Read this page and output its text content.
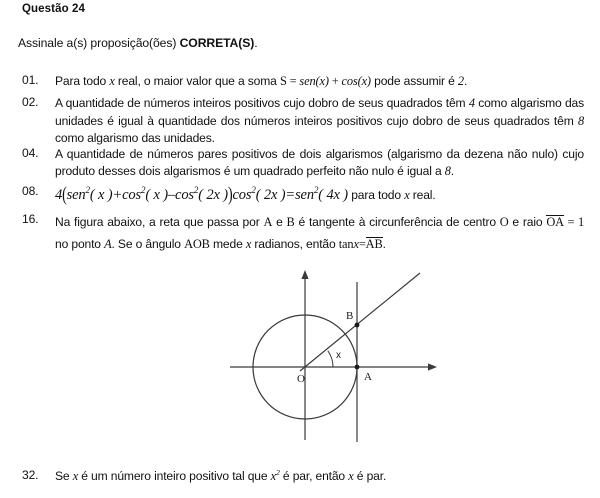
Questão 24
Assinale a(s) proposição(ões) CORRETA(S).
01.	Para todo x real, o maior valor que a soma S = sen(x) + cos(x) pode assumir é 2.
02.	A quantidade de números inteiros positivos cujo dobro de seus quadrados têm 4 como algarismo das unidades é igual à quantidade dos números inteiros positivos cujo dobro de seus quadrados têm 8 como algarismo das unidades.
04.	A quantidade de números pares positivos de dois algarismos (algarismo da dezena não nulo) cujo produto desses dois algarismos é um quadrado perfeito não nulo é igual a 8.
08.	4(sen$^2$( x )$+\cos^2$( x )$-\cos^2$( 2x ))$\cos^2$( 2x )=sen$^2$( 4x ) para todo x real.
16.	Na figura abaixo, a reta que passa por A e B é tangente à circunferência de centro O e raio OA = 1 no ponto A. Se o ângulo AOB mede x radianos, então tanx=AB.
O	A
B
x
32.	Se x é um número inteiro positivo tal que $x^2$ é par, então x é par.
